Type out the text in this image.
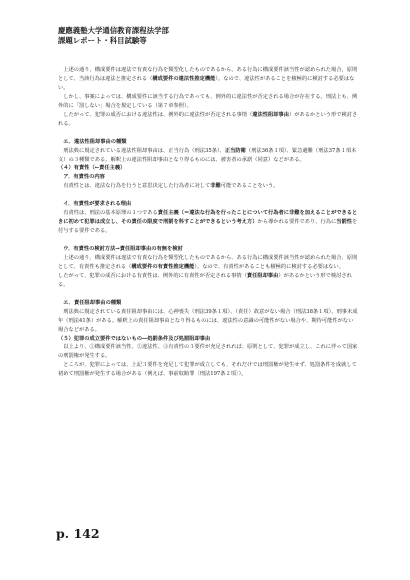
慶應義塾大学通信教育課程法学部
課題レポート・科目試験等

上述の通り、構成要件は違法で有責な行為を類型化したものであるから、ある行為に構成要件該当性が認められた場合、原則として、当該行為は違法と推定される（構成要件の違法性推定機能）。なので、違法性があることを積極的に検討する必要はない。

しかし、事案によっては、構成要件に該当する行為であっても、例外的に違法性が否定される場合が存在する。刑法上も、例外的に「罰しない」場合を規定している（第７章参照）。

したがって、犯罪の成否における違法性は、例外的に違法性が否定される事情（違法性阻却事由）があるかという形で検討される。

エ．違法性阻却事由の種類

刑法典に規定されている違法性阻却事由は、正当行為（刑法35条）、正当防衛（刑法36条１項）、緊急避難（刑法37条１項本文）の３種類である。解釈上の違法性阻却事由となり得るものには、被害者の承諾（同意）などがある。

（４）有責性（←責任主義）

ア．有責性の内容

有責性とは、違法な行為を行うと意思決定した行為者に対して非難可能であることをいう。

イ．有責性が要求される理由

有責性は、刑法の基本原理の１つである責任主義（＝違法な行為を行ったことについて行為者に非難を加えることができるときに初めて犯罪は成立し、その責任の限度で刑罰を科すことができるという考え方）から導かれる要件であり、行為に当罰性を付与する要件である。

ウ．有責性の検討方法→責任阻却事由の有無を検討

上述の通り、構成要件は違法で有責な行為を類型化したものであるから、ある行為に構成要件該当性が認められた場合、原則として、有責性も推定される（構成要件の有責性推定機能）。なので、有責性があることも積極的に検討する必要はない。

したがって、犯罪の成否における有責性は、例外的に有責性が否定される事情（責任阻却事由）があるかという形で検討される。

エ．責任阻却事由の種類

刑法典に規定されている責任阻却事由には、心神喪失（刑法39条１項）、（責任）故意がない場合（刑法38条１項）、刑事未成年（刑法41条）がある。解釈上の責任阻却事由となり得るものには、違法性の意識の可能性がない場合や、期待可能性がない場合などがある。

（５）犯罪の成立要件ではないもの―処罰条件及び処罰阻却事由

以上より、①構成要件該当性、②違法性、③有責性の３要件が充足されれば、原則として、犯罪が成立し、これに伴って国家の刑罰権が発生する。

ところが、犯罪によっては、上記３要件を充足して犯罪が成立しても、それだけでは刑罰権が発生せず、処罰条件を成就して初めて刑罰権が発生する場合がある（例えば、事前収賄罪〔刑法197条２項〕）。

p. 142
